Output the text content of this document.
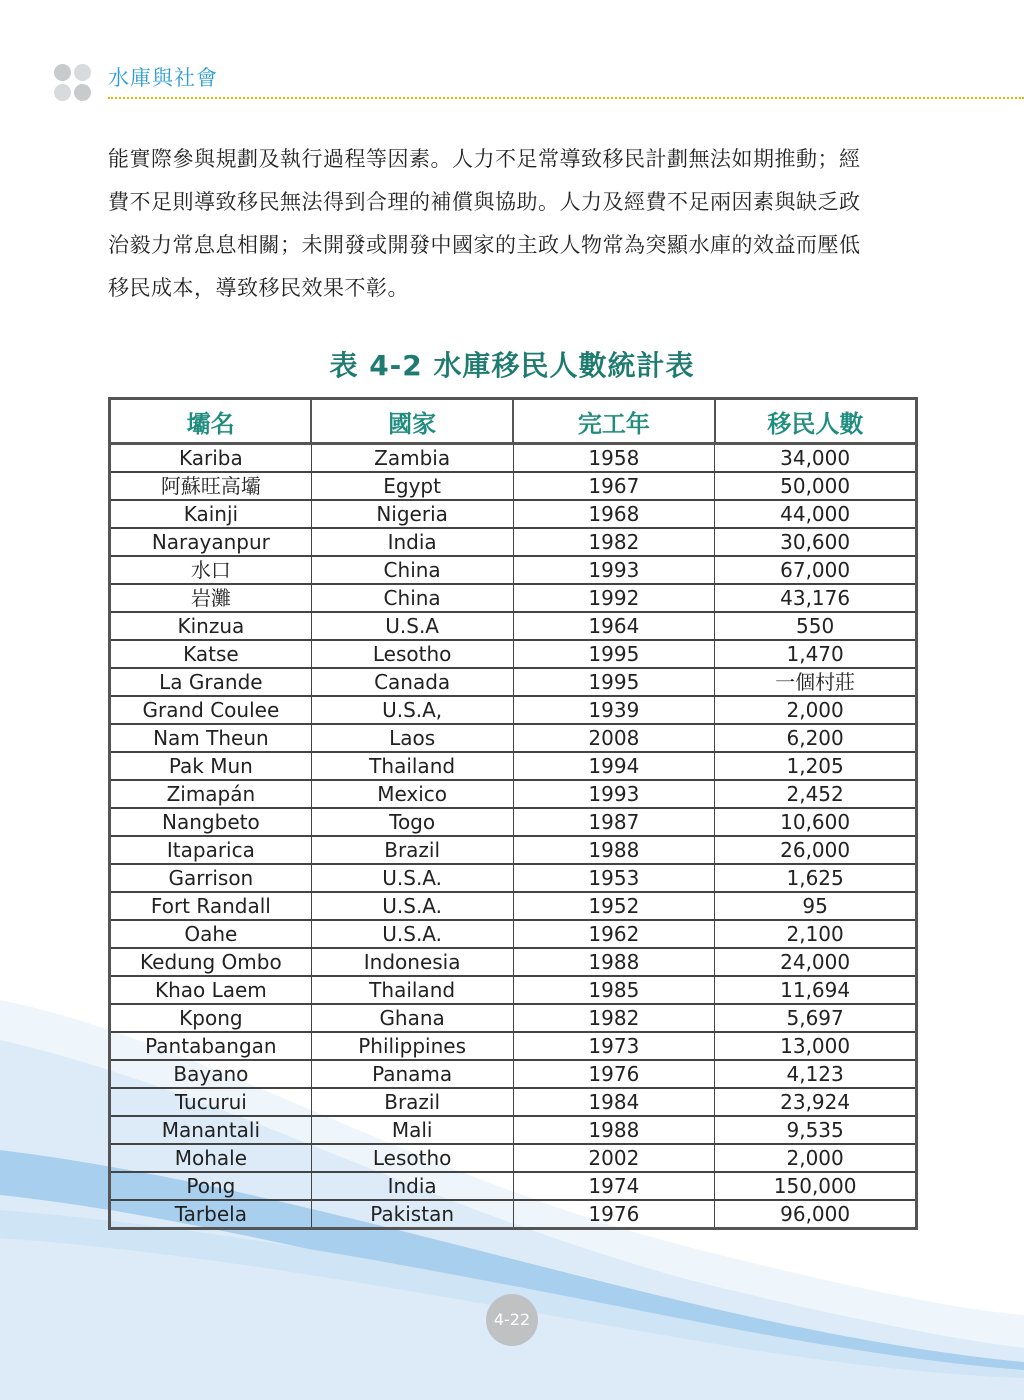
水庫與社會
能實際參與規劃及執行過程等因素。人力不足常導致移民計劃無法如期推動；經
費不足則導致移民無法得到合理的補償與協助。人力及經費不足兩因素與缺乏政
治毅力常息息相關；未開發或開發中國家的主政人物常為突顯水庫的效益而壓低
移民成本，導致移民效果不彰。
表 4-2 水庫移民人數統計表
壩名	國家	完工年	移民人數
Kariba	Zambia	1958	34,000
阿蘇旺高壩	Egypt	1967	50,000
Kainji	Nigeria	1968	44,000
Narayanpur	India	1982	30,600
水口	China	1993	67,000
岩灘	China	1992	43,176
Kinzua	U.S.A	1964	550
Katse	Lesotho	1995	1,470
La Grande	Canada	1995	一個村莊
Grand Coulee	U.S.A,	1939	2,000
Nam Theun	Laos	2008	6,200
Pak Mun	Thailand	1994	1,205
Zimapán	Mexico	1993	2,452
Nangbeto	Togo	1987	10,600
Itaparica	Brazil	1988	26,000
Garrison	U.S.A.	1953	1,625
Fort Randall	U.S.A.	1952	95
Oahe	U.S.A.	1962	2,100
Kedung Ombo	Indonesia	1988	24,000
Khao Laem	Thailand	1985	11,694
Kpong	Ghana	1982	5,697
Pantabangan	Philippines	1973	13,000
Bayano	Panama	1976	4,123
Tucurui	Brazil	1984	23,924
Manantali	Mali	1988	9,535
Mohale	Lesotho	2002	2,000
Pong	India	1974	150,000
Tarbela	Pakistan	1976	96,000
4-22
